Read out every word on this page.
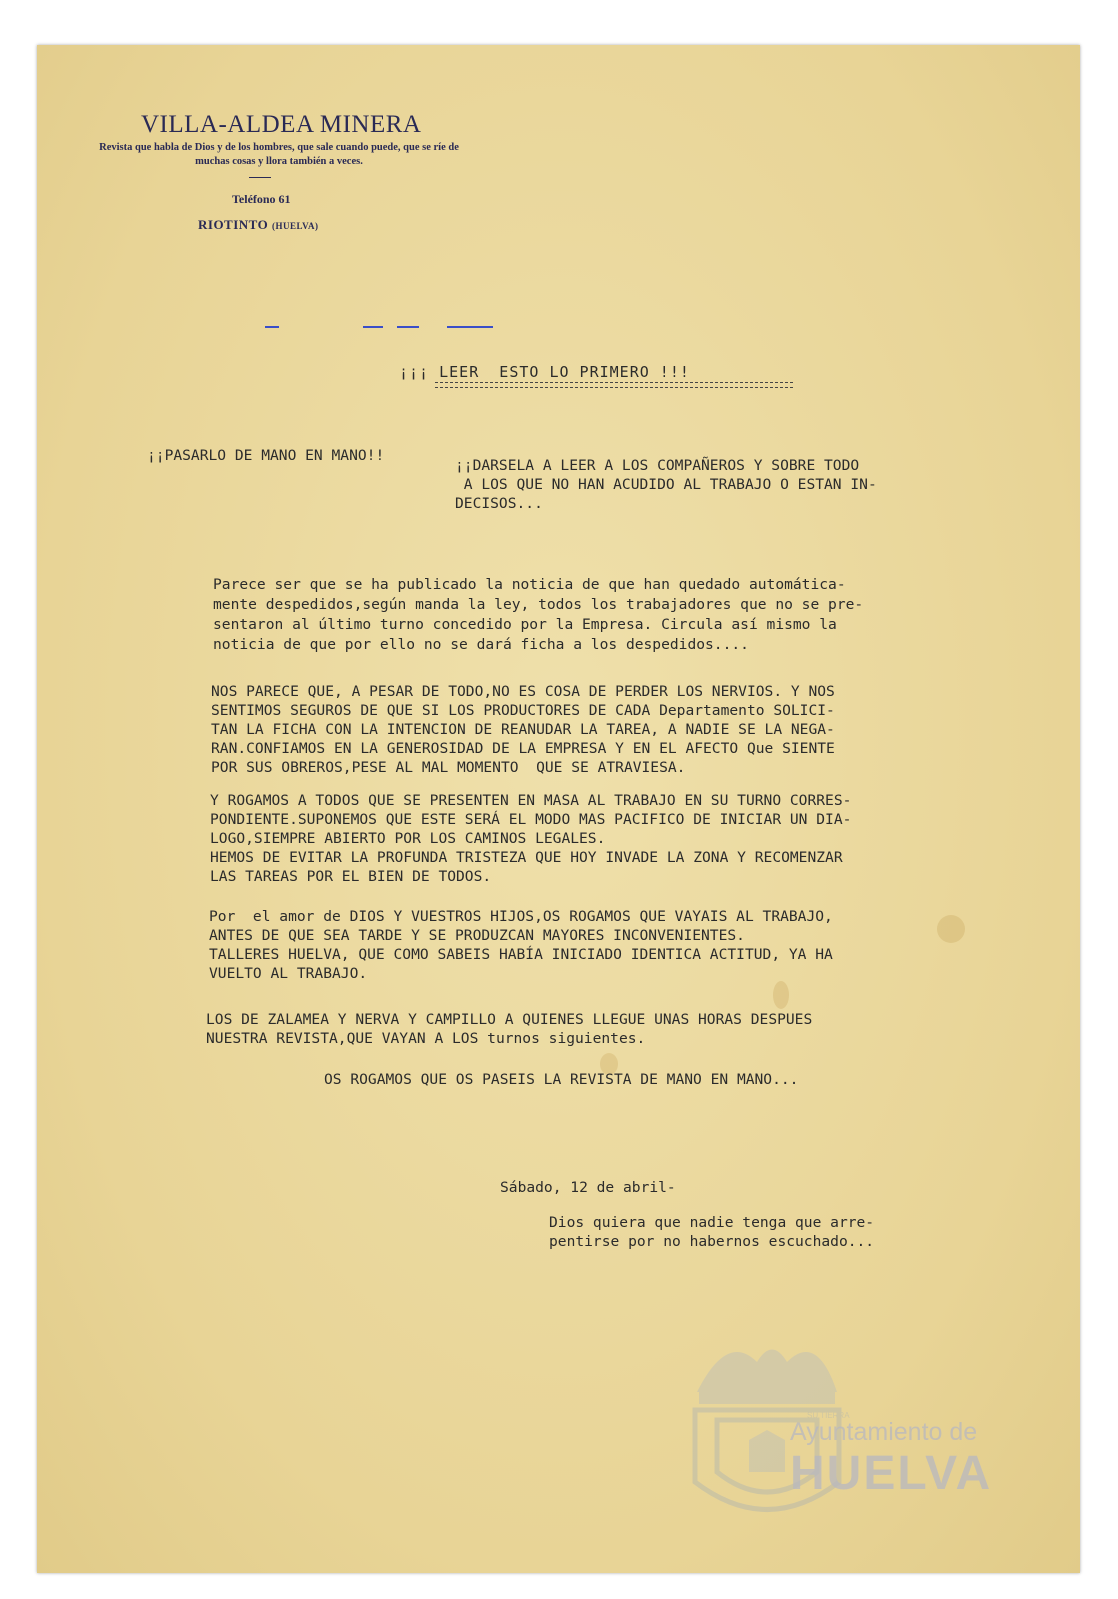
VILLA-ALDEA MINERA
Revista que habla de Dios y de los hombres, que sale cuando puede, que se ríe de muchas cosas y llora también a veces.
Teléfono 61
RIOTINTO (HUELVA)
¡¡¡ LEER  ESTO LO PRIMERO !!!
¡¡PASARLO DE MANO EN MANO!!
¡¡DARSELA A LEER A LOS COMPAÑEROS Y SOBRE TODO
A LOS QUE NO HAN ACUDIDO AL TRABAJO O ESTAN IN-
DECISOS...
Parece ser que se ha publicado la noticia de que han quedado automática-
mente despedidos,según manda la ley, todos los trabajadores que no se pre-
sentaron al último turno concedido por la Empresa. Circula así mismo la
noticia de que por ello no se dará ficha a los despedidos....
NOS PARECE QUE, A PESAR DE TODO,NO ES COSA DE PERDER LOS NERVIOS. Y NOS
SENTIMOS SEGUROS DE QUE SI LOS PRODUCTORES DE CADA Departamento SOLICI-
TAN LA FICHA CON LA INTENCION DE REANUDAR LA TAREA, A NADIE SE LA NEGA-
RAN.CONFIAMOS EN LA GENEROSIDAD DE LA EMPRESA Y EN EL AFECTO Que SIENTE
POR SUS OBREROS,PESE AL MAL MOMENTO  QUE SE ATRAVIESA.
Y ROGAMOS A TODOS QUE SE PRESENTEN EN MASA AL TRABAJO EN SU TURNO CORRES-
PONDIENTE.SUPONEMOS QUE ESTE SERÁ EL MODO MAS PACIFICO DE INICIAR UN DIA-
LOGO,SIEMPRE ABIERTO POR LOS CAMINOS LEGALES.
HEMOS DE EVITAR LA PROFUNDA TRISTEZA QUE HOY INVADE LA ZONA Y RECOMENZAR
LAS TAREAS POR EL BIEN DE TODOS.
Por  el amor de DIOS Y VUESTROS HIJOS,OS ROGAMOS QUE VAYAIS AL TRABAJO,
ANTES DE QUE SEA TARDE Y SE PRODUZCAN MAYORES INCONVENIENTES.
TALLERES HUELVA, QUE COMO SABEIS HABÍA INICIADO IDENTICA ACTITUD, YA HA
VUELTO AL TRABAJO.
LOS DE ZALAMEA Y NERVA Y CAMPILLO A QUIENES LLEGUE UNAS HORAS DESPUES
NUESTRA REVISTA,QUE VAYAN A LOS turnos siguientes.
OS ROGAMOS QUE OS PASEIS LA REVISTA DE MANO EN MANO...
Sábado, 12 de abril-
Dios quiera que nadie tenga que arre-
pentirse por no habernos escuchado...
SU TIERRA
Ayuntamiento de
HUELVA
